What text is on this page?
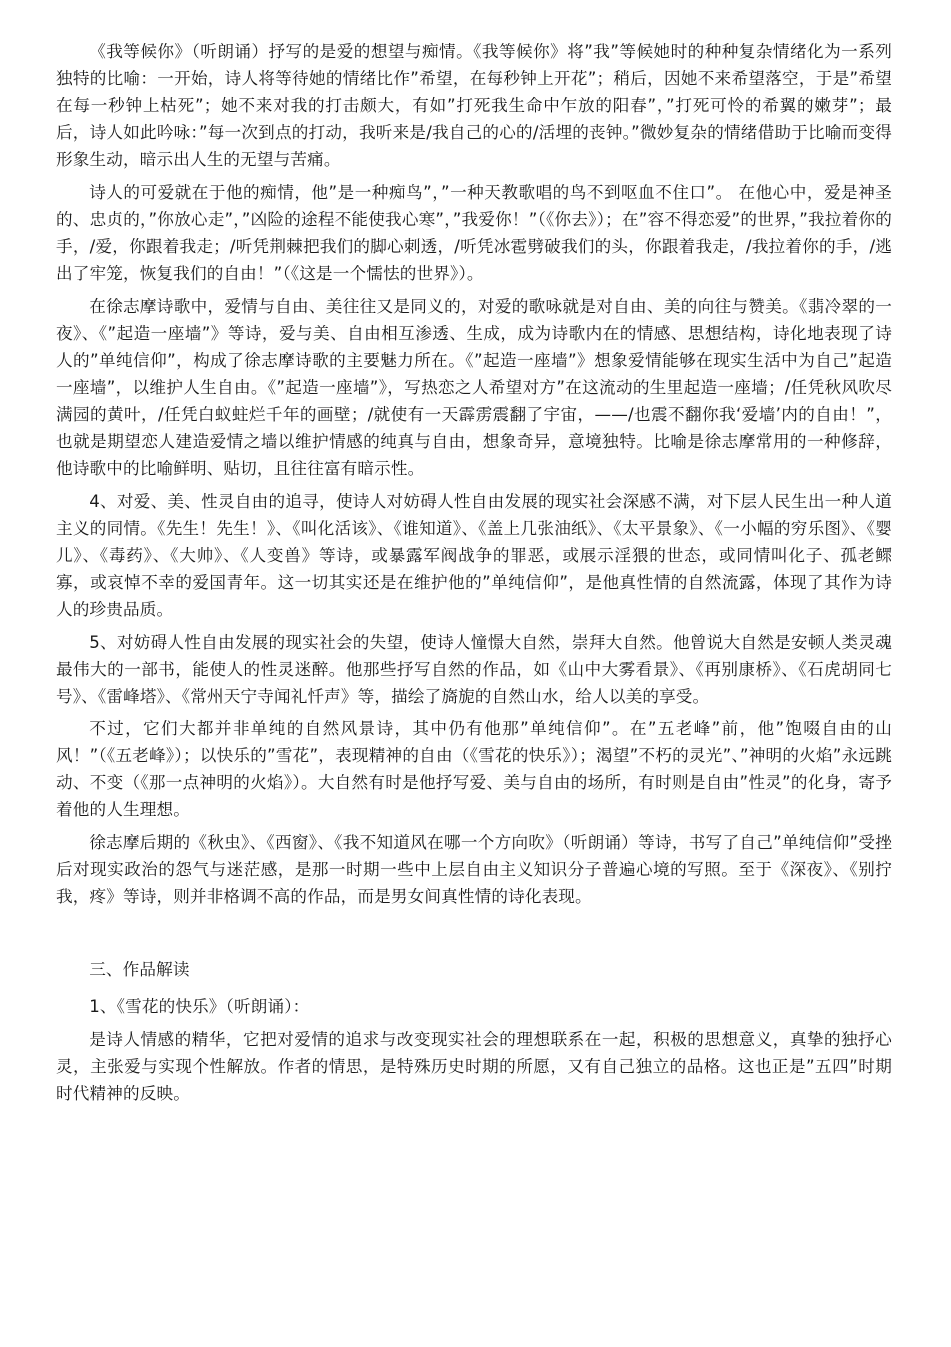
《我等候你》（听朗诵）抒写的是爱的想望与痴情。《我等候你》将”我”等候她时的种种复杂情绪化为一系列独特的比喻：一开始，诗人将等待她的情绪比作”希望，在每秒钟上开花”；稍后，因她不来希望落空，于是”希望在每一秒钟上枯死”；她不来对我的打击颇大，有如”打死我生命中乍放的阳春”，”打死可怜的希翼的嫩芽”；最后，诗人如此吟咏：”每一次到点的打动，我听来是/我自己的心的/活埋的丧钟。”微妙复杂的情绪借助于比喻而变得形象生动，暗示出人生的无望与苦痛。

诗人的可爱就在于他的痴情，他”是一种痴鸟”，”一种天教歌唱的鸟不到呕血不住口”。 在他心中，爱是神圣的、忠贞的，”你放心走”，”凶险的途程不能使我心寒”，”我爱你！”（《你去》）；在”容不得恋爱”的世界，”我拉着你的手，/爱，你跟着我走；/听凭荆棘把我们的脚心刺透，/听凭冰雹劈破我们的头，你跟着我走，/我拉着你的手，/逃出了牢笼，恢复我们的自由！”（《这是一个懦怯的世界》）。

在徐志摩诗歌中，爱情与自由、美往往又是同义的，对爱的歌咏就是对自由、美的向往与赞美。《翡冷翠的一夜》、《”起造一座墙”》等诗，爱与美、自由相互渗透、生成，成为诗歌内在的情感、思想结构，诗化地表现了诗人的”单纯信仰”，构成了徐志摩诗歌的主要魅力所在。《”起造一座墙”》想象爱情能够在现实生活中为自己”起造一座墙”，以维护人生自由。《”起造一座墙”》，写热恋之人希望对方”在这流动的生里起造一座墙；/任凭秋风吹尽满园的黄叶，/任凭白蚁蛀烂千年的画壁；/就使有一天霹雳震翻了宇宙，——/也震不翻你我‘爱墙’内的自由！”，也就是期望恋人建造爱情之墙以维护情感的纯真与自由，想象奇异，意境独特。比喻是徐志摩常用的一种修辞，他诗歌中的比喻鲜明、贴切，且往往富有暗示性。

4、对爱、美、性灵自由的追寻，使诗人对妨碍人性自由发展的现实社会深感不满，对下层人民生出一种人道主义的同情。《先生！先生！》、《叫化活该》、《谁知道》、《盖上几张油纸》、《太平景象》、《一小幅的穷乐图》、《婴儿》、《毒药》、《大帅》、《人变兽》等诗，或暴露军阀战争的罪恶，或展示淫猥的世态，或同情叫化子、孤老鳏寡，或哀悼不幸的爱国青年。这一切其实还是在维护他的”单纯信仰”，是他真性情的自然流露，体现了其作为诗人的珍贵品质。

5、对妨碍人性自由发展的现实社会的失望，使诗人憧憬大自然，崇拜大自然。他曾说大自然是安顿人类灵魂最伟大的一部书，能使人的性灵迷醉。他那些抒写自然的作品，如《山中大雾看景》、《再别康桥》、《石虎胡同七号》、《雷峰塔》、《常州天宁寺闻礼忏声》等，描绘了旖旎的自然山水，给人以美的享受。

不过，它们大都并非单纯的自然风景诗，其中仍有他那”单纯信仰”。在”五老峰”前，他”饱啜自由的山风！”（《五老峰》）；以快乐的”雪花”，表现精神的自由（《雪花的快乐》）；渴望”不朽的灵光”、”神明的火焰”永远跳动、不变（《那一点神明的火焰》）。大自然有时是他抒写爱、美与自由的场所，有时则是自由”性灵”的化身，寄予着他的人生理想。

徐志摩后期的《秋虫》、《西窗》、《我不知道风在哪一个方向吹》（听朗诵）等诗，书写了自己”单纯信仰”受挫后对现实政治的怨气与迷茫感，是那一时期一些中上层自由主义知识分子普遍心境的写照。至于《深夜》、《别拧我，疼》等诗，则并非格调不高的作品，而是男女间真性情的诗化表现。

三、作品解读

1、《雪花的快乐》（听朗诵）：

是诗人情感的精华，它把对爱情的追求与改变现实社会的理想联系在一起，积极的思想意义，真挚的独抒心灵，主张爱与实现个性解放。作者的情思，是特殊历史时期的所愿，又有自己独立的品格。这也正是”五四”时期时代精神的反映。
